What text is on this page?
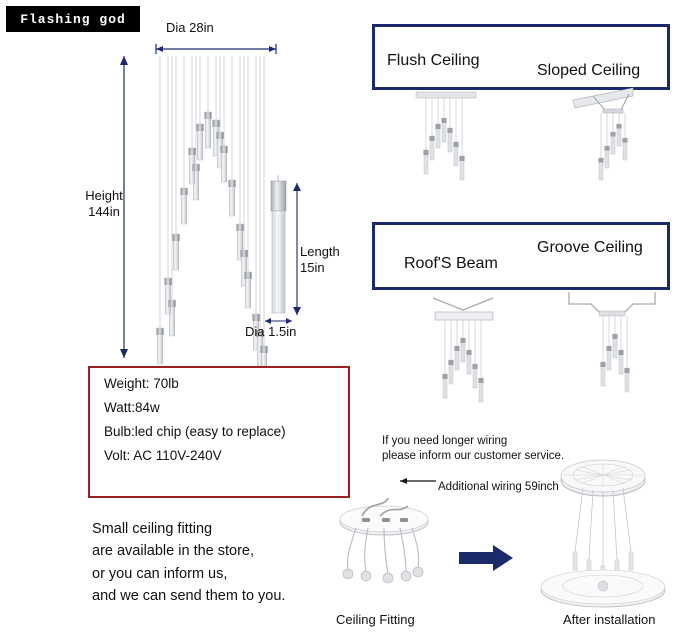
Flashing god
Dia 28in
Height
144in
Length
15in
Dia 1.5in
Weight: 70lb
Watt:84w
Bulb:led chip (easy to replace)
Volt: AC 110V-240V
Small ceiling fitting
are available in the store,
or you can inform us,
and we can send them to you.
Flush Ceiling
Sloped Ceiling
Roof'S Beam
Groove Ceiling
If you need longer wiring
please inform our customer service.
Additional wiring 59inch
Ceiling Fitting	After installation
